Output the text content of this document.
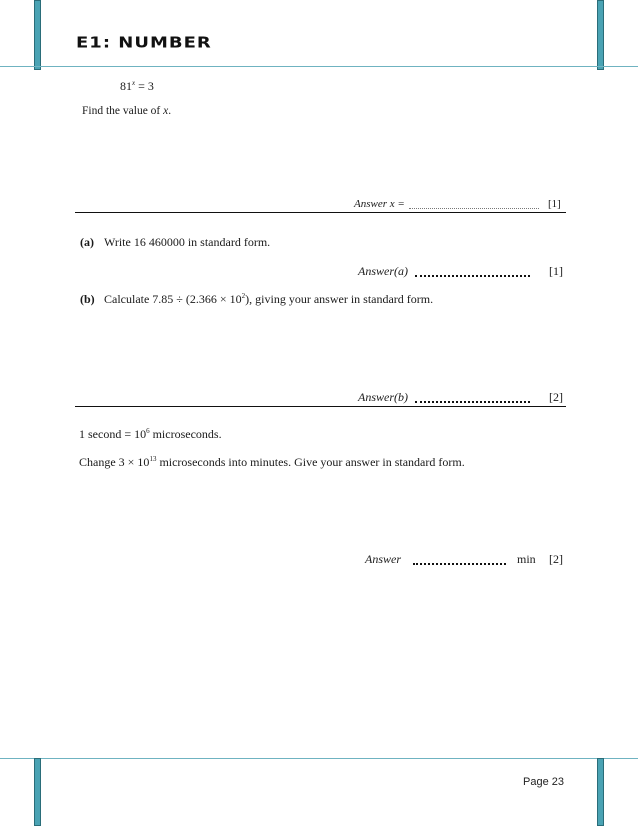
E1: NUMBER
$81^x = 3$
Find the value of x.
Answer x =	[1]
(a) Write 16 460000 in standard form.
Answer(a)	[1]
(b) Calculate $7.85 \div (2.366 \times 10^2)$, giving your answer in standard form.
Answer(b)	[2]
1 second = $10^6$ microseconds.
Change $3 \times 10^{13}$ microseconds into minutes. Give your answer in standard form.
Answer	min [2]
Page 23
